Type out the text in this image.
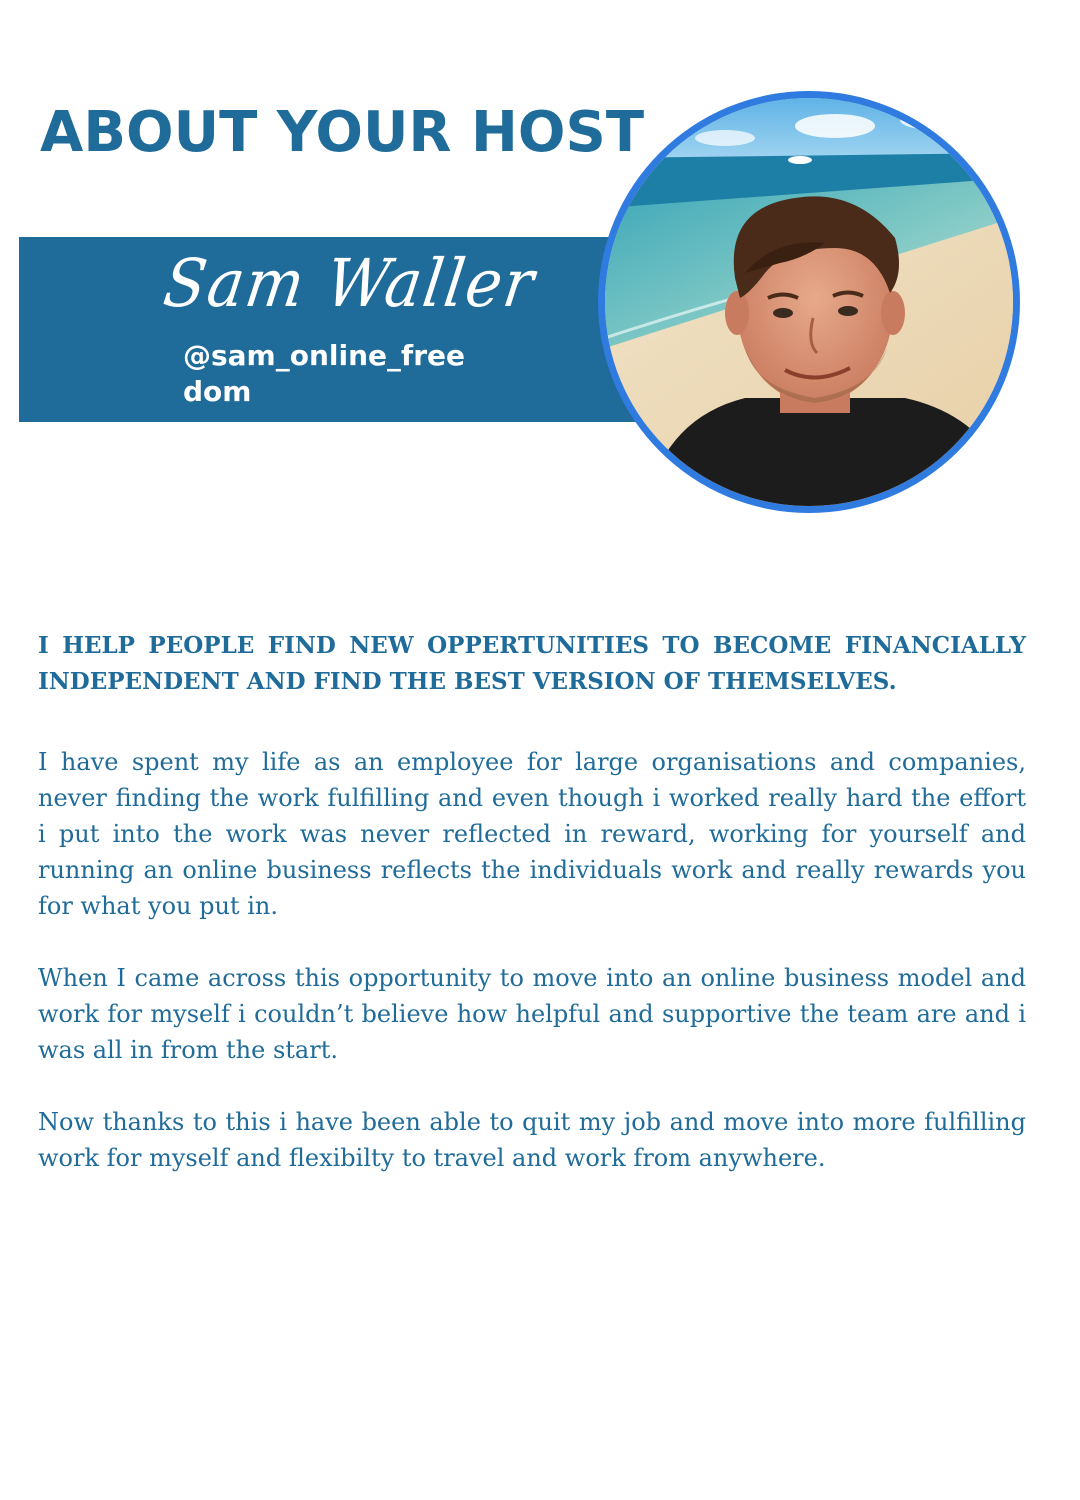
ABOUT YOUR HOST
Sam Waller
@sam_online_freedom

I HELP PEOPLE FIND NEW OPPERTUNITIES TO BECOME FINANCIALLY INDEPENDENT AND FIND THE BEST VERSION OF THEMSELVES.

I have spent my life as an employee for large organisations and companies, never finding the work fulfilling and even though i worked really hard the effort i put into the work was never reflected in reward, working for yourself and running an online business reflects the individuals work and really rewards you for what you put in.

When I came across this opportunity to move into an online business model and work for myself i couldn’t believe how helpful and supportive the team are and i was all in from the start.

Now thanks to this i have been able to quit my job and move into more fulfilling work for myself and flexibilty to travel and work from anywhere.
